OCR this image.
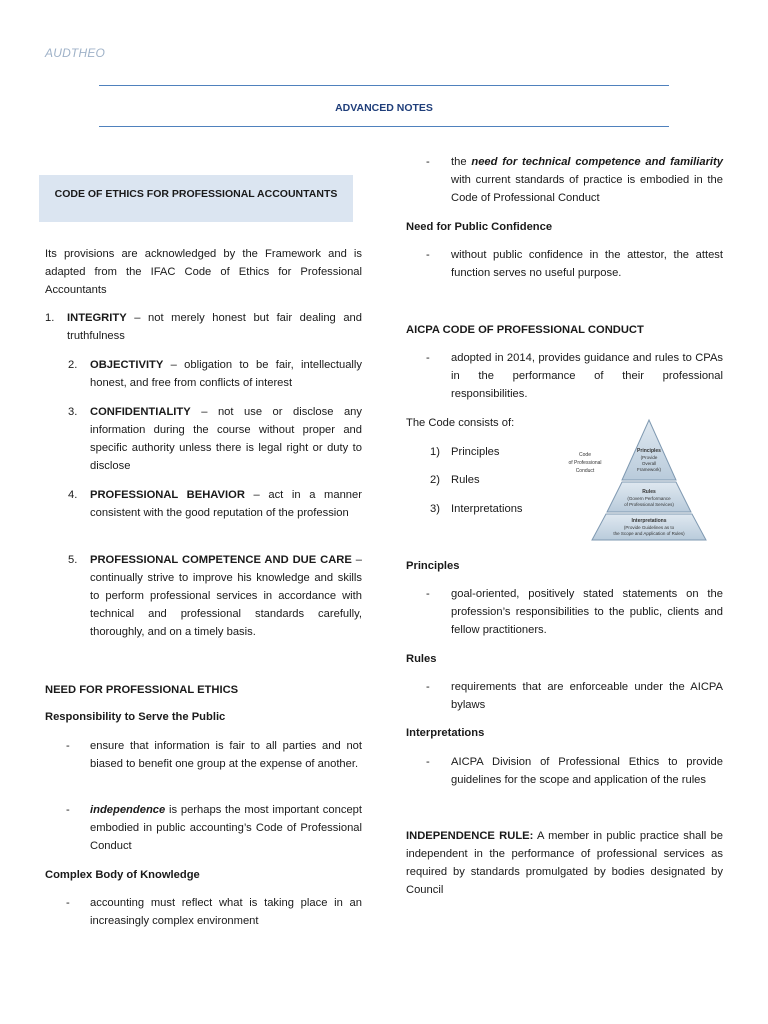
AUDTHEO
ADVANCED NOTES
CODE OF ETHICS FOR PROFESSIONAL ACCOUNTANTS
Its provisions are acknowledged by the Framework and is adapted from the IFAC Code of Ethics for Professional Accountants
1. INTEGRITY – not merely honest but fair dealing and truthfulness
2. OBJECTIVITY – obligation to be fair, intellectually honest, and free from conflicts of interest
3. CONFIDENTIALITY – not use or disclose any information during the course without proper and specific authority unless there is legal right or duty to disclose
4. PROFESSIONAL BEHAVIOR – act in a manner consistent with the good reputation of the profession
5. PROFESSIONAL COMPETENCE AND DUE CARE – continually strive to improve his knowledge and skills to perform professional services in accordance with technical and professional standards carefully, thoroughly, and on a timely basis.
NEED FOR PROFESSIONAL ETHICS
Responsibility to Serve the Public
- ensure that information is fair to all parties and not biased to benefit one group at the expense of another.
- independence is perhaps the most important concept embodied in public accounting’s Code of Professional Conduct
Complex Body of Knowledge
- accounting must reflect what is taking place in an increasingly complex environment
- the need for technical competence and familiarity with current standards of practice is embodied in the Code of Professional Conduct
Need for Public Confidence
- without public confidence in the attestor, the attest function serves no useful purpose.
AICPA CODE OF PROFESSIONAL CONDUCT
- adopted in 2014, provides guidance and rules to CPAs in the performance of their professional responsibilities.
The Code consists of:
1) Principles
2) Rules
3) Interpretations
Code
of Professional
Conduct
Principles
(Provide
Overall
Framework)
Rules
(Govern Performance
of Professional Services)
Interpretations
(Provide Guidelines as to
the Scope and Application of Rules)
Principles
- goal-oriented, positively stated statements on the profession’s responsibilities to the public, clients and fellow practitioners.
Rules
- requirements that are enforceable under the AICPA bylaws
Interpretations
- AICPA Division of Professional Ethics to provide guidelines for the scope and application of the rules
INDEPENDENCE RULE: A member in public practice shall be independent in the performance of professional services as required by standards promulgated by bodies designated by Council
